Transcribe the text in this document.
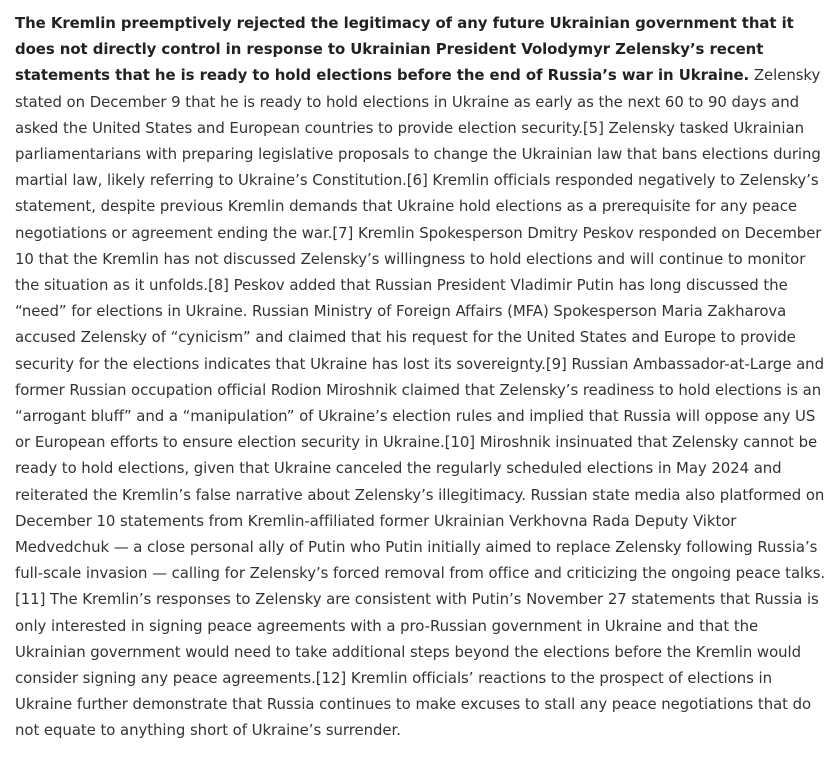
The Kremlin preemptively rejected the legitimacy of any future Ukrainian government that it does not directly control in response to Ukrainian President Volodymyr Zelensky’s recent statements that he is ready to hold elections before the end of Russia’s war in Ukraine. Zelensky stated on December 9 that he is ready to hold elections in Ukraine as early as the next 60 to 90 days and asked the United States and European countries to provide election security.[5] Zelensky tasked Ukrainian parliamentarians with preparing legislative proposals to change the Ukrainian law that bans elections during martial law, likely referring to Ukraine’s Constitution.[6] Kremlin officials responded negatively to Zelensky’s statement, despite previous Kremlin demands that Ukraine hold elections as a prerequisite for any peace negotiations or agreement ending the war.[7] Kremlin Spokesperson Dmitry Peskov responded on December 10 that the Kremlin has not discussed Zelensky’s willingness to hold elections and will continue to monitor the situation as it unfolds.[8] Peskov added that Russian President Vladimir Putin has long discussed the “need” for elections in Ukraine. Russian Ministry of Foreign Affairs (MFA) Spokesperson Maria Zakharova accused Zelensky of “cynicism” and claimed that his request for the United States and Europe to provide security for the elections indicates that Ukraine has lost its sovereignty.[9] Russian Ambassador-at-Large and former Russian occupation official Rodion Miroshnik claimed that Zelensky’s readiness to hold elections is an “arrogant bluff” and a “manipulation” of Ukraine’s election rules and implied that Russia will oppose any US or European efforts to ensure election security in Ukraine.[10] Miroshnik insinuated that Zelensky cannot be ready to hold elections, given that Ukraine canceled the regularly scheduled elections in May 2024 and reiterated the Kremlin’s false narrative about Zelensky’s illegitimacy. Russian state media also platformed on December 10 statements from Kremlin-affiliated former Ukrainian Verkhovna Rada Deputy Viktor Medvedchuk — a close personal ally of Putin who Putin initially aimed to replace Zelensky following Russia’s full-scale invasion — calling for Zelensky’s forced removal from office and criticizing the ongoing peace talks.[11] The Kremlin’s responses to Zelensky are consistent with Putin’s November 27 statements that Russia is only interested in signing peace agreements with a pro-Russian government in Ukraine and that the Ukrainian government would need to take additional steps beyond the elections before the Kremlin would consider signing any peace agreements.[12] Kremlin officials’ reactions to the prospect of elections in Ukraine further demonstrate that Russia continues to make excuses to stall any peace negotiations that do not equate to anything short of Ukraine’s surrender.
